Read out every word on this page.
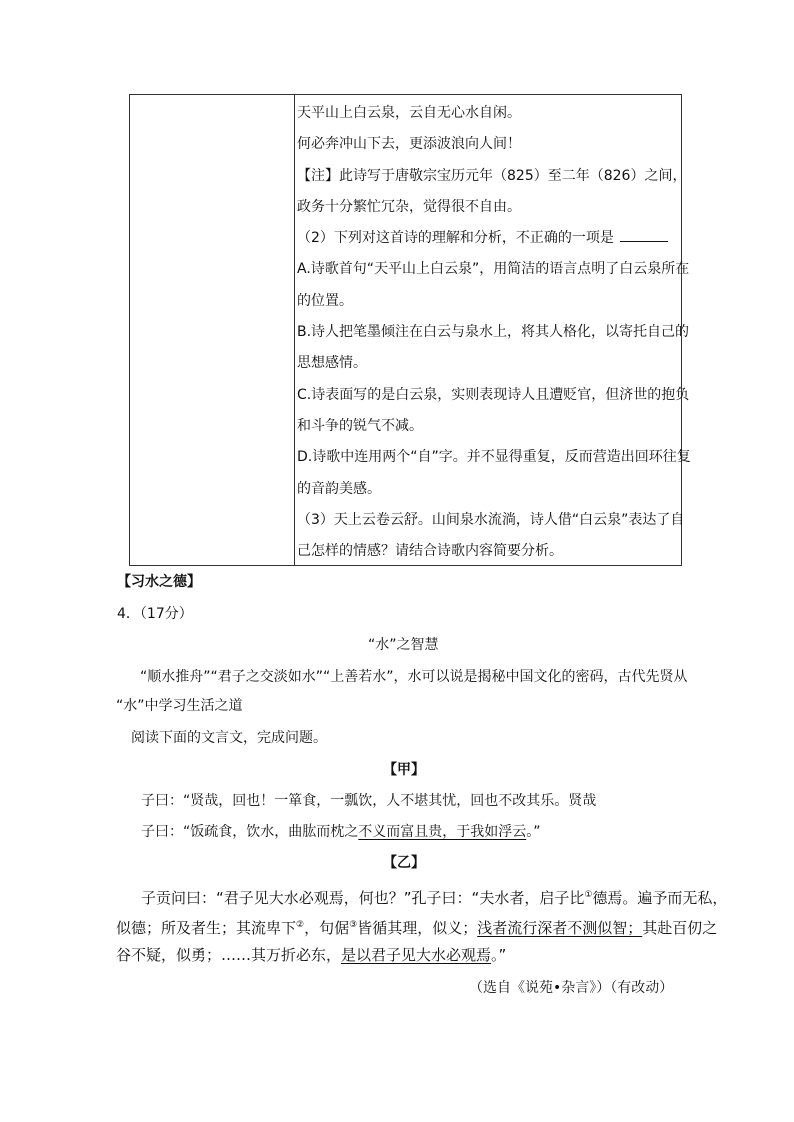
天平山上白云泉，云自无心水自闲。
何必奔冲山下去，更添波浪向人间！
【注】此诗写于唐敬宗宝历元年（825）至二年（826）之间，
政务十分繁忙冗杂，觉得很不自由。
（2）下列对这首诗的理解和分析，不正确的一项是
A.诗歌首句“天平山上白云泉”，用简洁的语言点明了白云泉所在
的位置。
B.诗人把笔墨倾注在白云与泉水上，将其人格化，以寄托自己的
思想感情。
C.诗表面写的是白云泉，实则表现诗人且遭贬官，但济世的抱负
和斗争的锐气不减。
D.诗歌中连用两个“自”字。并不显得重复，反而营造出回环往复
的音韵美感。
（3）天上云卷云舒。山间泉水流淌，诗人借“白云泉”表达了自
己怎样的情感？请结合诗歌内容简要分析。
【习水之德】
4．（17分）
“水”之智慧
“顺水推舟”“君子之交淡如水”“上善若水”，水可以说是揭秘中国文化的密码，古代先贤从
“水”中学习生活之道
阅读下面的文言文，完成问题。
【甲】
子曰：“贤哉，回也！一箪食，一瓢饮，人不堪其忧，回也不改其乐。贤哉
子曰：“饭疏食，饮水，曲肱而枕之不义而富且贵，于我如浮云。”
【乙】
子贡问曰：“君子见大水必观焉，何也？”孔子曰：“夫水者，启子比①德焉。遍予而无私，
似德；所及者生；其流卑下②，句倨③皆循其理，似义；浅者流行深者不测似智；其赴百仞之
谷不疑，似勇；……其万折必东，是以君子见大水必观焉。”
（选自《说苑•杂言》）（有改动）
